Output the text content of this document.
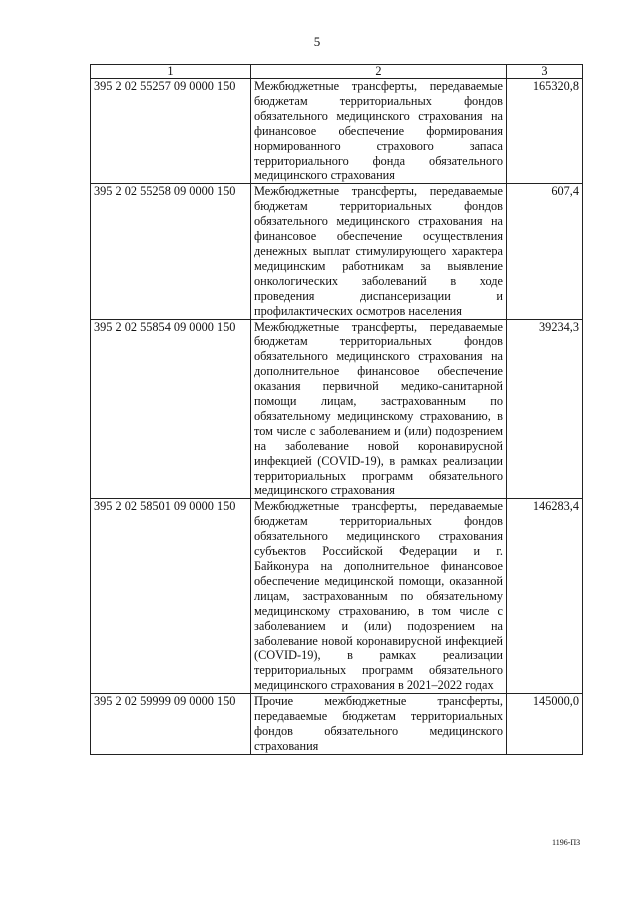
5
1	2	3
395 2 02 55257 09 0000 150	Межбюджетные трансферты, передаваемые бюджетам территориальных фондов обязательного медицинского страхования на финансовое обеспечение формирования нормированного страхового запаса территориального фонда обязательного медицинского страхования	165320,8
395 2 02 55258 09 0000 150	Межбюджетные трансферты, передаваемые бюджетам территориальных фондов обязательного медицинского страхования на финансовое обеспечение осуществления денежных выплат стимулирующего характера медицинским работникам за выявление онкологических заболеваний в ходе проведения диспансеризации и профилактических осмотров населения	607,4
395 2 02 55854 09 0000 150	Межбюджетные трансферты, передаваемые бюджетам территориальных фондов обязательного медицинского страхования на дополнительное финансовое обеспечение оказания первичной медико-санитарной помощи лицам, застрахованным по обязательному медицинскому страхованию, в том числе с заболеванием и (или) подозрением на заболевание новой коронавирусной инфекцией (COVID-19), в рамках реализации территориальных программ обязательного медицинского страхования	39234,3
395 2 02 58501 09 0000 150	Межбюджетные трансферты, передаваемые бюджетам территориальных фондов обязательного медицинского страхования субъектов Российской Федерации и г. Байконура на дополнительное финансовое обеспечение медицинской помощи, оказанной лицам, застрахованным по обязательному медицинскому страхованию, в том числе с заболеванием и (или) подозрением на заболевание новой коронавирусной инфекцией (COVID-19), в рамках реализации территориальных программ обязательного медицинского страхования в 2021–2022 годах	146283,4
395 2 02 59999 09 0000 150	Прочие межбюджетные трансферты, передаваемые бюджетам территориальных фондов обязательного медицинского страхования	145000,0
1196-ПЗ
